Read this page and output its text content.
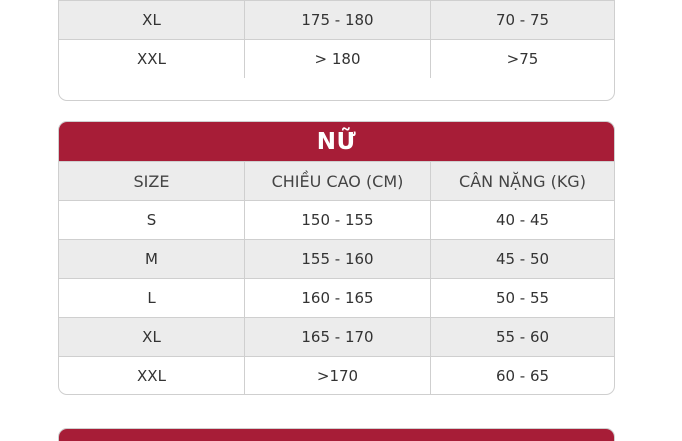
XL	175 - 180	70 - 75
XXL	> 180	>75
NỮ
SIZE	CHIỀU CAO (CM)	CÂN NẶNG (KG)
S	150 - 155	40 - 45
M	155 - 160	45 - 50
L	160 - 165	50 - 55
XL	165 - 170	55 - 60
XXL	>170	60 - 65
